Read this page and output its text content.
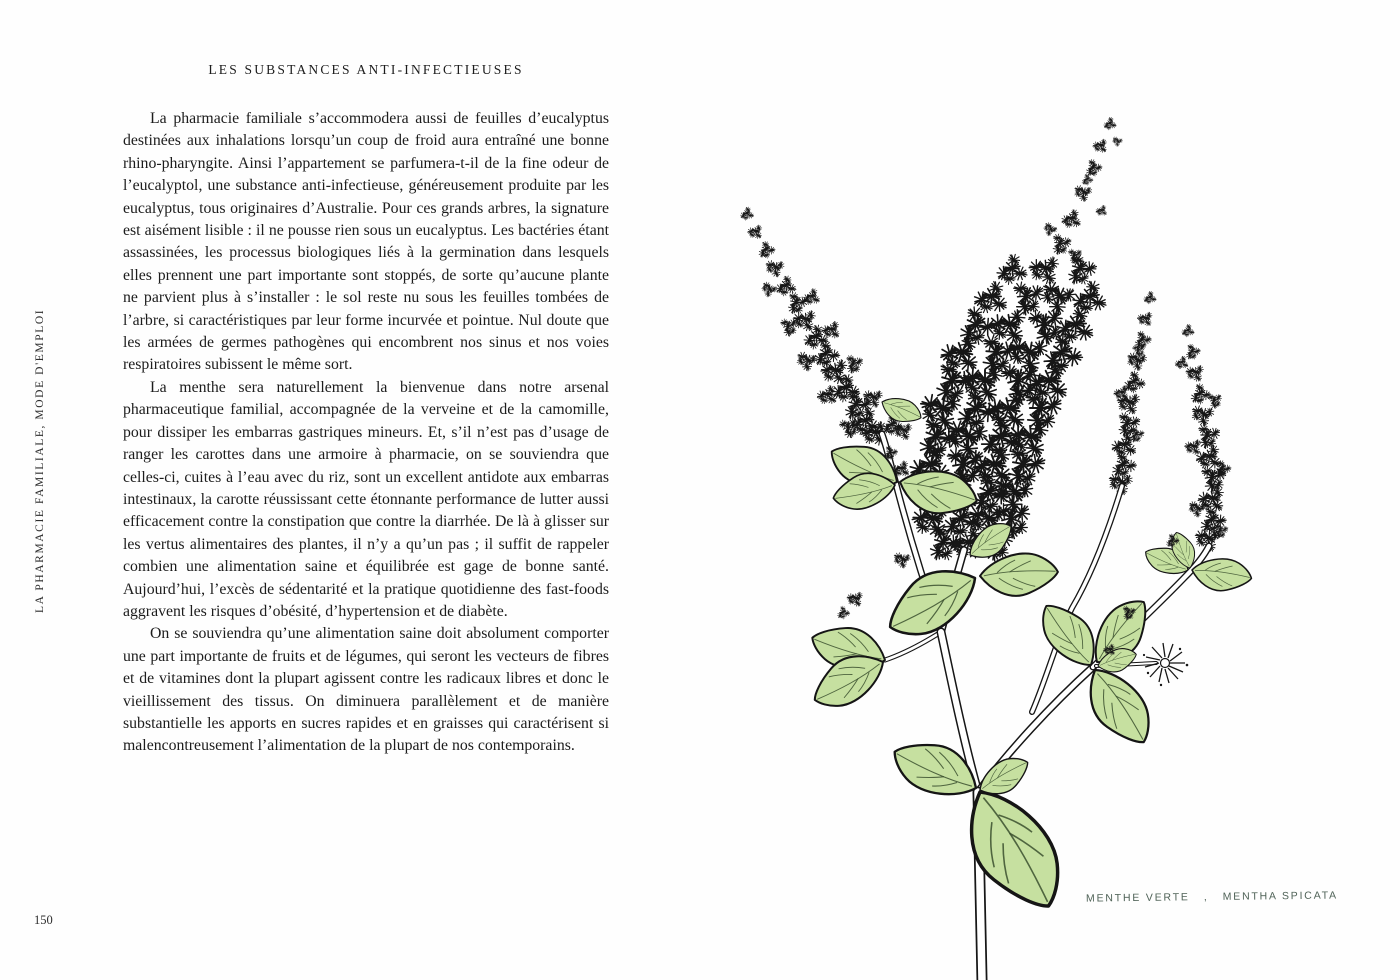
LA PHARMACIE FAMILIALE, MODE D'EMPLOI
150
LES SUBSTANCES ANTI-INFECTIEUSES

La pharmacie familiale s’accommodera aussi de feuilles d’eucalyptus destinées aux inhalations lorsqu’un coup de froid aura entraîné une bonne rhino-pharyngite. Ainsi l’appartement se parfumera-t-il de la fine odeur de l’eucalyptol, une substance anti-infectieuse, généreusement produite par les eucalyptus, tous originaires d’Australie. Pour ces grands arbres, la signature est aisément lisible : il ne pousse rien sous un eucalyptus. Les bactéries étant assassinées, les processus biologiques liés à la germination dans lesquels elles prennent une part importante sont stoppés, de sorte qu’aucune plante ne parvient plus à s’installer : le sol reste nu sous les feuilles tombées de l’arbre, si caractéristiques par leur forme incurvée et pointue. Nul doute que les armées de germes pathogènes qui encombrent nos sinus et nos voies respiratoires subissent le même sort.

La menthe sera naturellement la bienvenue dans notre arsenal pharmaceutique familial, accompagnée de la verveine et de la camomille, pour dissiper les embarras gastriques mineurs. Et, s’il n’est pas d’usage de ranger les carottes dans une armoire à pharmacie, on se souviendra que celles-ci, cuites à l’eau avec du riz, sont un excellent antidote aux embarras intestinaux, la carotte réussissant cette étonnante performance de lutter aussi efficacement contre la constipation que contre la diarrhée. De là à glisser sur les vertus alimentaires des plantes, il n’y a qu’un pas ; il suffit de rappeler combien une alimentation saine et équilibrée est gage de bonne santé. Aujourd’hui, l’excès de sédentarité et la pratique quotidienne des fast-foods aggravent les risques d’obésité, d’hypertension et de diabète.

On se souviendra qu’une alimentation saine doit absolument comporter une part importante de fruits et de légumes, qui seront les vecteurs de fibres et de vitamines dont la plupart agissent contre les radicaux libres et donc le vieillissement des tissus. On diminuera parallèlement et de manière substantielle les apports en sucres rapides et en graisses qui caractérisent si malencontreusement l’alimentation de la plupart de nos contemporains.

MENTHE VERTE   ,   MENTHA SPICATA
